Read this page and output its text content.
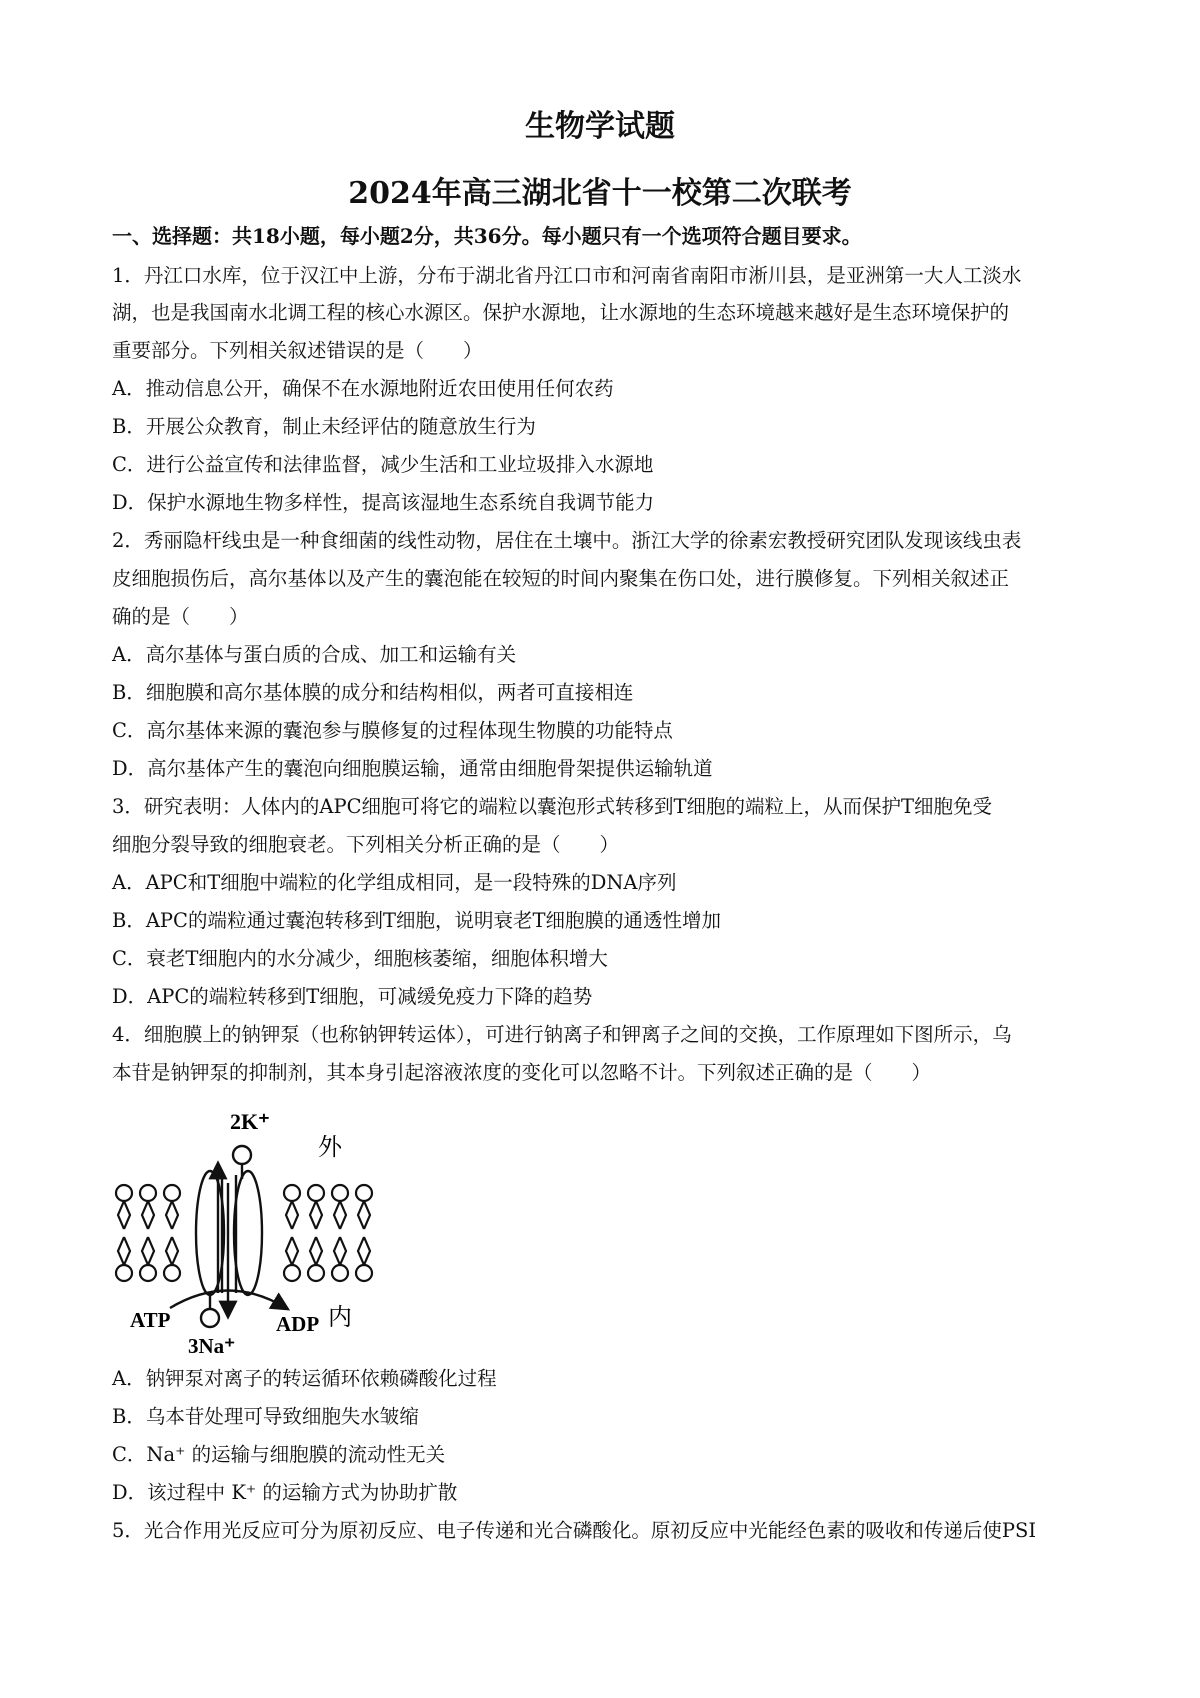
生物学试题
2024年高三湖北省十一校第二次联考
一、选择题：共18小题，每小题2分，共36分。每小题只有一个选项符合题目要求。
1．丹江口水库，位于汉江中上游，分布于湖北省丹江口市和河南省南阳市淅川县，是亚洲第一大人工淡水
湖，也是我国南水北调工程的核心水源区。保护水源地，让水源地的生态环境越来越好是生态环境保护的
重要部分。下列相关叙述错误的是（　　）
A．推动信息公开，确保不在水源地附近农田使用任何农药
B．开展公众教育，制止未经评估的随意放生行为
C．进行公益宣传和法律监督，减少生活和工业垃圾排入水源地
D．保护水源地生物多样性，提高该湿地生态系统自我调节能力
2．秀丽隐杆线虫是一种食细菌的线性动物，居住在土壤中。浙江大学的徐素宏教授研究团队发现该线虫表
皮细胞损伤后，高尔基体以及产生的囊泡能在较短的时间内聚集在伤口处，进行膜修复。下列相关叙述正
确的是（　　）
A．高尔基体与蛋白质的合成、加工和运输有关
B．细胞膜和高尔基体膜的成分和结构相似，两者可直接相连
C．高尔基体来源的囊泡参与膜修复的过程体现生物膜的功能特点
D．高尔基体产生的囊泡向细胞膜运输，通常由细胞骨架提供运输轨道
3．研究表明：人体内的APC细胞可将它的端粒以囊泡形式转移到T细胞的端粒上，从而保护T细胞免受
细胞分裂导致的细胞衰老。下列相关分析正确的是（　　）
A．APC和T细胞中端粒的化学组成相同，是一段特殊的DNA序列
B．APC的端粒通过囊泡转移到T细胞，说明衰老T细胞膜的通透性增加
C．衰老T细胞内的水分减少，细胞核萎缩，细胞体积增大
D．APC的端粒转移到T细胞，可减缓免疫力下降的趋势
4．细胞膜上的钠钾泵（也称钠钾转运体），可进行钠离子和钾离子之间的交换，工作原理如下图所示，乌
本苷是钠钾泵的抑制剂，其本身引起溶液浓度的变化可以忽略不计。下列叙述正确的是（　　）
2K⁺
外
ATP	ADP 内
3Na⁺
A．钠钾泵对离子的转运循环依赖磷酸化过程
B．乌本苷处理可导致细胞失水皱缩
C．Na⁺ 的运输与细胞膜的流动性无关
D．该过程中 K⁺ 的运输方式为协助扩散
5．光合作用光反应可分为原初反应、电子传递和光合磷酸化。原初反应中光能经色素的吸收和传递后使PSI
